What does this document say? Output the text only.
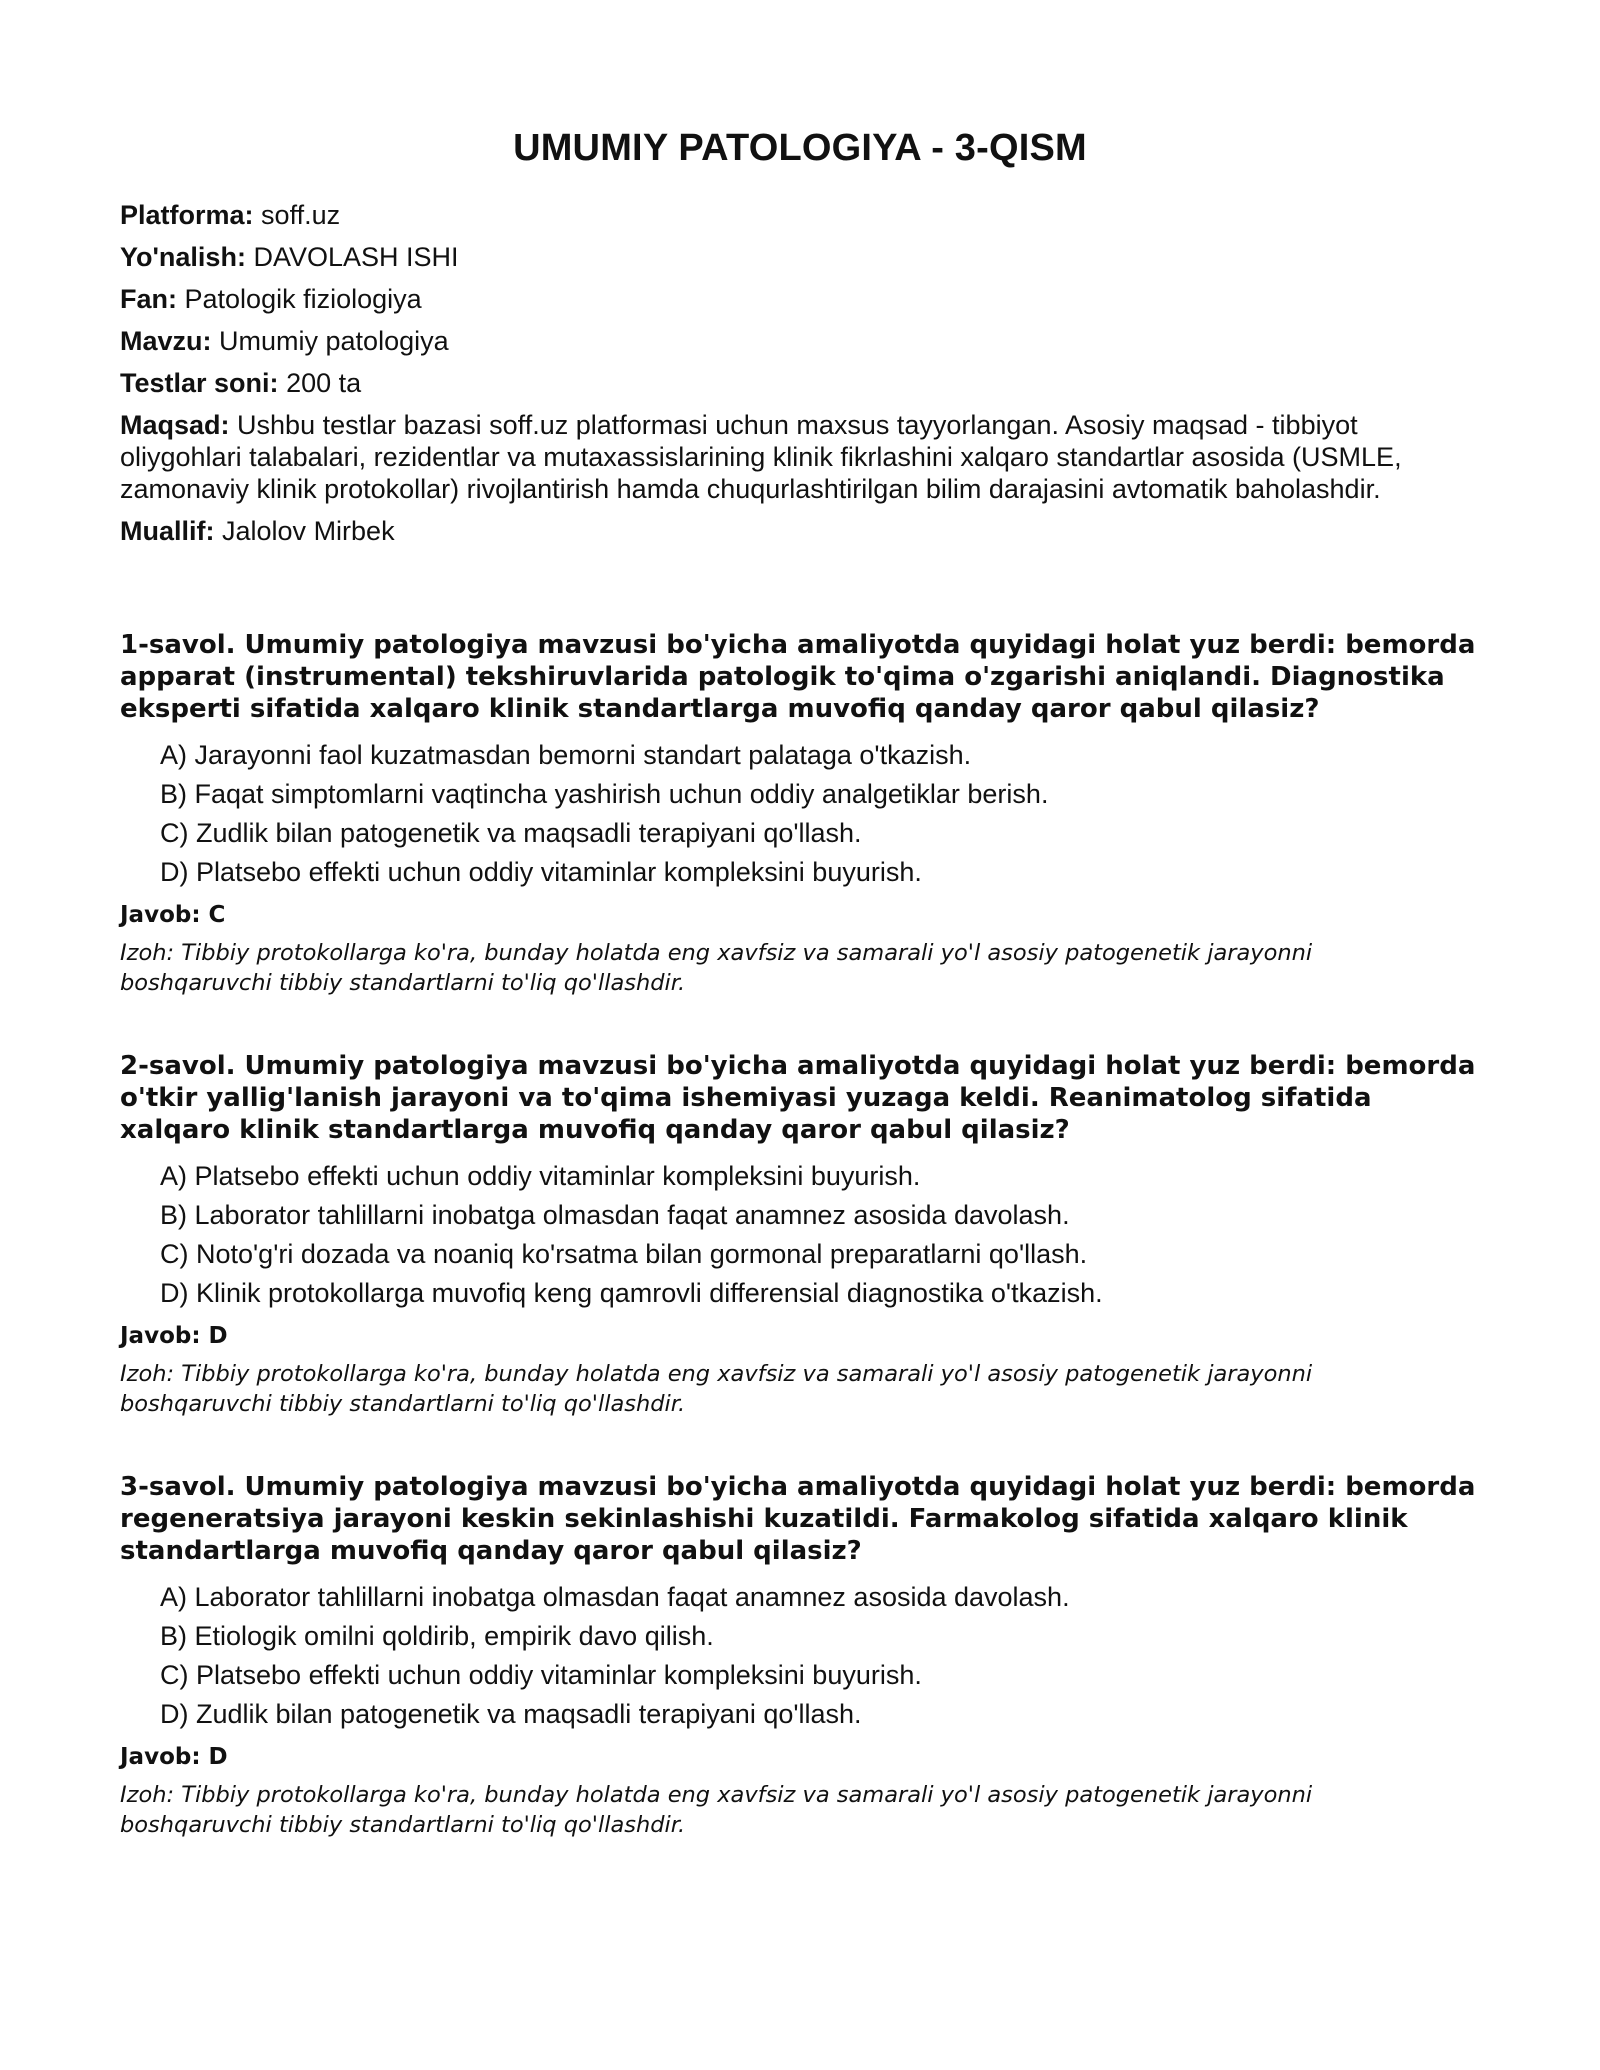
UMUMIY PATOLOGIYA - 3-QISM
Platforma: soff.uz
Yo'nalish: DAVOLASH ISHI
Fan: Patologik fiziologiya
Mavzu: Umumiy patologiya
Testlar soni: 200 ta
Maqsad: Ushbu testlar bazasi soff.uz platformasi uchun maxsus tayyorlangan. Asosiy maqsad - tibbiyot oliygohlari talabalari, rezidentlar va mutaxassislarining klinik fikrlashini xalqaro standartlar asosida (USMLE, zamonaviy klinik protokollar) rivojlantirish hamda chuqurlashtirilgan bilim darajasini avtomatik baholashdir.
Muallif: Jalolov Mirbek

1-savol. Umumiy patologiya mavzusi bo'yicha amaliyotda quyidagi holat yuz berdi: bemorda apparat (instrumental) tekshiruvlarida patologik to'qima o'zgarishi aniqlandi. Diagnostika eksperti sifatida xalqaro klinik standartlarga muvofiq qanday qaror qabul qilasiz?

A) Jarayonni faol kuzatmasdan bemorni standart palataga o'tkazish.
B) Faqat simptomlarni vaqtincha yashirish uchun oddiy analgetiklar berish.
C) Zudlik bilan patogenetik va maqsadli terapiyani qo'llash.
D) Platsebo effekti uchun oddiy vitaminlar kompleksini buyurish.
Javob: C
Izoh: Tibbiy protokollarga ko'ra, bunday holatda eng xavfsiz va samarali yo'l asosiy patogenetik jarayonni boshqaruvchi tibbiy standartlarni to'liq qo'llashdir.

2-savol. Umumiy patologiya mavzusi bo'yicha amaliyotda quyidagi holat yuz berdi: bemorda o'tkir yallig'lanish jarayoni va to'qima ishemiyasi yuzaga keldi. Reanimatolog sifatida xalqaro klinik standartlarga muvofiq qanday qaror qabul qilasiz?

A) Platsebo effekti uchun oddiy vitaminlar kompleksini buyurish.
B) Laborator tahlillarni inobatga olmasdan faqat anamnez asosida davolash.
C) Noto'g'ri dozada va noaniq ko'rsatma bilan gormonal preparatlarni qo'llash.
D) Klinik protokollarga muvofiq keng qamrovli differensial diagnostika o'tkazish.
Javob: D
Izoh: Tibbiy protokollarga ko'ra, bunday holatda eng xavfsiz va samarali yo'l asosiy patogenetik jarayonni boshqaruvchi tibbiy standartlarni to'liq qo'llashdir.

3-savol. Umumiy patologiya mavzusi bo'yicha amaliyotda quyidagi holat yuz berdi: bemorda regeneratsiya jarayoni keskin sekinlashishi kuzatildi. Farmakolog sifatida xalqaro klinik standartlarga muvofiq qanday qaror qabul qilasiz?

A) Laborator tahlillarni inobatga olmasdan faqat anamnez asosida davolash.
B) Etiologik omilni qoldirib, empirik davo qilish.
C) Platsebo effekti uchun oddiy vitaminlar kompleksini buyurish.
D) Zudlik bilan patogenetik va maqsadli terapiyani qo'llash.
Javob: D
Izoh: Tibbiy protokollarga ko'ra, bunday holatda eng xavfsiz va samarali yo'l asosiy patogenetik jarayonni boshqaruvchi tibbiy standartlarni to'liq qo'llashdir.
